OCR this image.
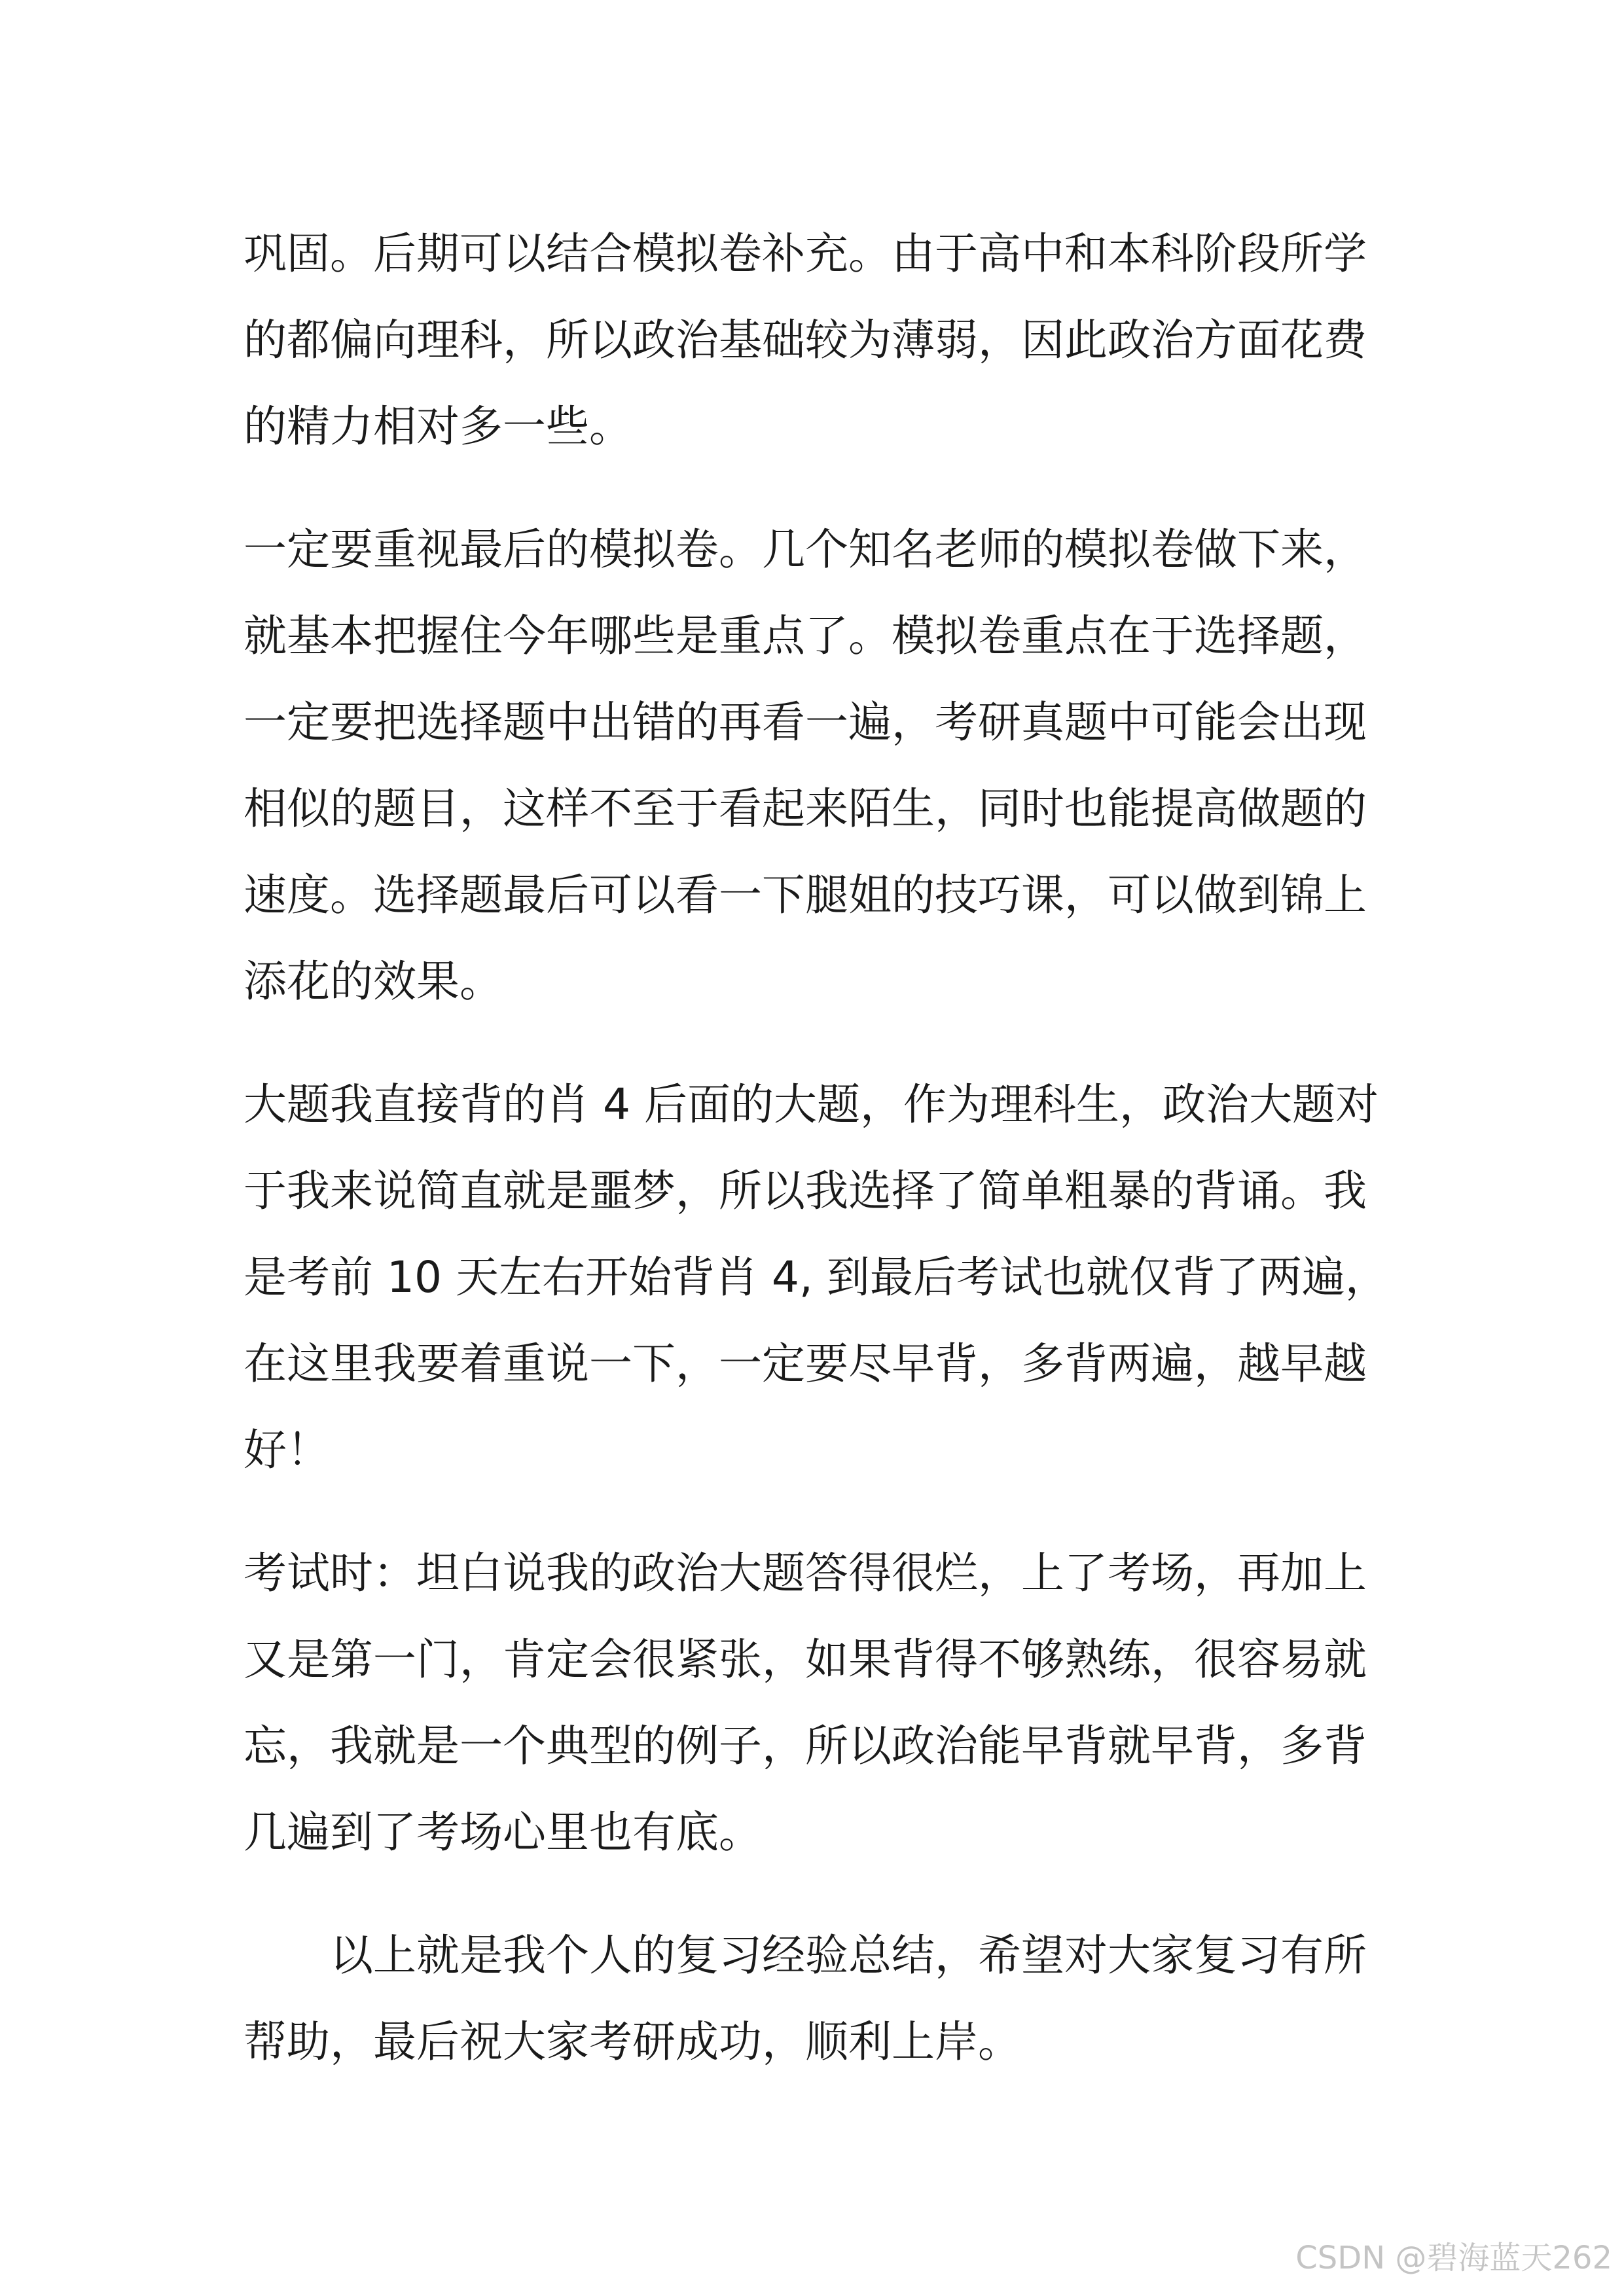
巩固。后期可以结合模拟卷补充。由于高中和本科阶段所学
的都偏向理科，所以政治基础较为薄弱，因此政治方面花费
的精力相对多一些。
一定要重视最后的模拟卷。几个知名老师的模拟卷做下来，
就基本把握住今年哪些是重点了。模拟卷重点在于选择题，
一定要把选择题中出错的再看一遍，考研真题中可能会出现
相似的题目，这样不至于看起来陌生，同时也能提高做题的
速度。选择题最后可以看一下腿姐的技巧课，可以做到锦上
添花的效果。
大题我直接背的肖 4 后面的大题，作为理科生，政治大题对
于我来说简直就是噩梦，所以我选择了简单粗暴的背诵。我
是考前 10 天左右开始背肖 4, 到最后考试也就仅背了两遍，
在这里我要着重说一下，一定要尽早背，多背两遍，越早越
好！
考试时：坦白说我的政治大题答得很烂，上了考场，再加上
又是第一门，肯定会很紧张，如果背得不够熟练，很容易就
忘，我就是一个典型的例子，所以政治能早背就早背，多背
几遍到了考场心里也有底。
以上就是我个人的复习经验总结，希望对大家复习有所
帮助，最后祝大家考研成功，顺利上岸。
CSDN @碧海蓝天262
